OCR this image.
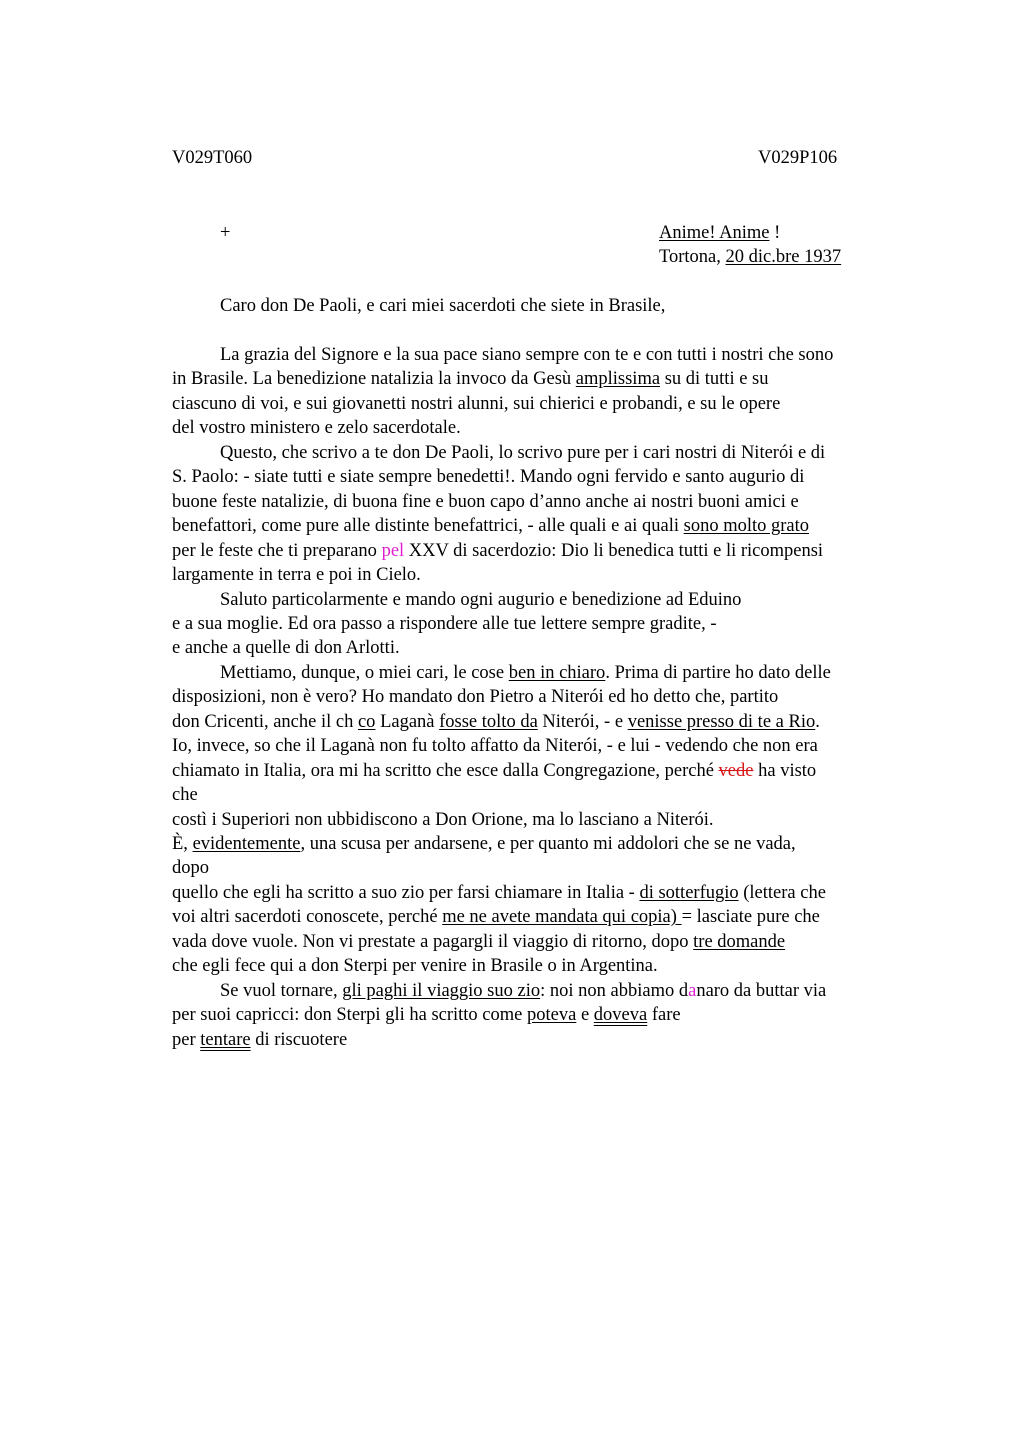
V029T060	V029P106
+	Anime! Anime !
Tortona, 20 dic.bre 1937
Caro don De Paoli, e cari miei sacerdoti che siete in Brasile,
La grazia del Signore e la sua pace siano sempre con te e con tutti i nostri che sono
in Brasile. La benedizione natalizia la invoco da Gesù amplissima su di tutti e su
ciascuno di voi, e sui giovanetti nostri alunni, sui chierici e probandi, e su le opere
del vostro ministero e zelo sacerdotale.
Questo, che scrivo a te don De Paoli, lo scrivo pure per i cari nostri di Niterói e di
S. Paolo: - siate tutti e siate sempre benedetti!. Mando ogni fervido e santo augurio di
buone feste natalizie, di buona fine e buon capo d’anno anche ai nostri buoni amici e
benefattori, come pure alle distinte benefattrici, - alle quali e ai quali sono molto grato
per le feste che ti preparano pel XXV di sacerdozio: Dio li benedica tutti e li ricompensi
largamente in terra e poi in Cielo.
Saluto particolarmente e mando ogni augurio e benedizione ad Eduino
e a sua moglie. Ed ora passo a rispondere alle tue lettere sempre gradite, -
e anche a quelle di don Arlotti.
Mettiamo, dunque, o miei cari, le cose ben in chiaro. Prima di partire ho dato delle
disposizioni, non è vero? Ho mandato don Pietro a Niterói ed ho detto che, partito
don Cricenti, anche il ch co Laganà fosse tolto da Niterói, - e venisse presso di te a Rio.
Io, invece, so che il Laganà non fu tolto affatto da Niterói, - e lui - vedendo che non era
chiamato in Italia, ora mi ha scritto che esce dalla Congregazione, perché vede ha visto
che
costì i Superiori non ubbidiscono a Don Orione, ma lo lasciano a Niterói.
È, evidentemente, una scusa per andarsene, e per quanto mi addolori che se ne vada,
dopo
quello che egli ha scritto a suo zio per farsi chiamare in Italia - di sotterfugio (lettera che
voi altri sacerdoti conoscete, perché me ne avete mandata qui copia) = lasciate pure che
vada dove vuole. Non vi prestate a pagargli il viaggio di ritorno, dopo tre domande
che egli fece qui a don Sterpi per venire in Brasile o in Argentina.
Se vuol tornare, gli paghi il viaggio suo zio: noi non abbiamo danaro da buttar via
per suoi capricci: don Sterpi gli ha scritto come poteva e doveva fare
per tentare di riscuotere
